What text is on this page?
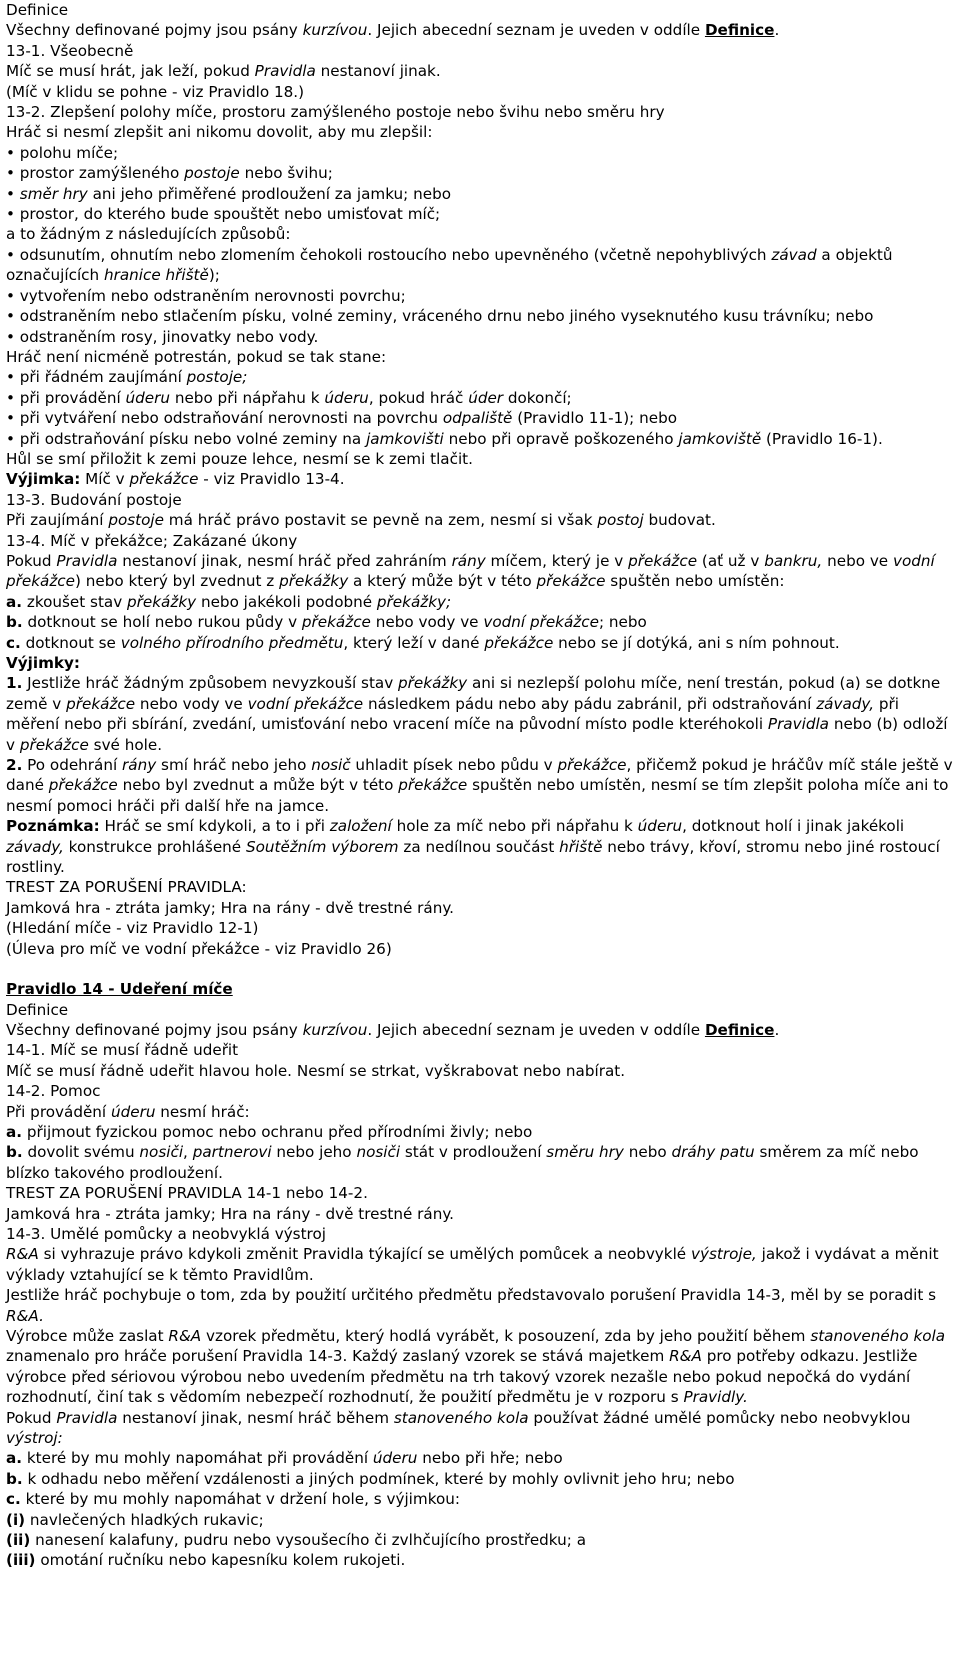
Definice

Všechny definované pojmy jsou psány kurzívou. Jejich abecední seznam je uveden v oddíle Definice.

13-1. Všeobecně

Míč se musí hrát, jak leží, pokud Pravidla nestanoví jinak.

(Míč v klidu se pohne - viz Pravidlo 18.)

13-2. Zlepšení polohy míče, prostoru zamýšleného postoje nebo švihu nebo směru hry

Hráč si nesmí zlepšit ani nikomu dovolit, aby mu zlepšil:

• polohu míče;

• prostor zamýšleného postoje nebo švihu;

• směr hry ani jeho přiměřené prodloužení za jamku; nebo

• prostor, do kterého bude spouštět nebo umisťovat míč;

a to žádným z následujících způsobů:

• odsunutím, ohnutím nebo zlomením čehokoli rostoucího nebo upevněného (včetně nepohyblivých závad a objektů označujících hranice hřiště);

• vytvořením nebo odstraněním nerovnosti povrchu;

• odstraněním nebo stlačením písku, volné zeminy, vráceného drnu nebo jiného vyseknutého kusu trávníku; nebo

• odstraněním rosy, jinovatky nebo vody.

Hráč není nicméně potrestán, pokud se tak stane:

• při řádném zaujímání postoje;

• při provádění úderu nebo při nápřahu k úderu, pokud hráč úder dokončí;

• při vytváření nebo odstraňování nerovnosti na povrchu odpaliště (Pravidlo 11-1); nebo

• při odstraňování písku nebo volné zeminy na jamkovišti nebo při opravě poškozeného jamkoviště (Pravidlo 16-1).

Hůl se smí přiložit k zemi pouze lehce, nesmí se k zemi tlačit.

Výjimka: Míč v překážce - viz Pravidlo 13-4.

13-3. Budování postoje

Při zaujímání postoje má hráč právo postavit se pevně na zem, nesmí si však postoj budovat.

13-4. Míč v překážce; Zakázané úkony

Pokud Pravidla nestanoví jinak, nesmí hráč před zahráním rány míčem, který je v překážce (ať už v bankru, nebo ve vodní překážce) nebo který byl zvednut z překážky a který může být v této překážce spuštěn nebo umístěn:

a. zkoušet stav překážky nebo jakékoli podobné překážky;

b. dotknout se holí nebo rukou půdy v překážce nebo vody ve vodní překážce; nebo

c. dotknout se volného přírodního předmětu, který leží v dané překážce nebo se jí dotýká, ani s ním pohnout.

Výjimky:

1. Jestliže hráč žádným způsobem nevyzkouší stav překážky ani si nezlepší polohu míče, není trestán, pokud (a) se dotkne země v překážce nebo vody ve vodní překážce následkem pádu nebo aby pádu zabránil, při odstraňování závady, při měření nebo při sbírání, zvedání, umisťování nebo vracení míče na původní místo podle kteréhokoli Pravidla nebo (b) odloží v překážce své hole.

2. Po odehrání rány smí hráč nebo jeho nosič uhladit písek nebo půdu v překážce, přičemž pokud je hráčův míč stále ještě v dané překážce nebo byl zvednut a může být v této překážce spuštěn nebo umístěn, nesmí se tím zlepšit poloha míče ani to nesmí pomoci hráči při další hře na jamce.

Poznámka: Hráč se smí kdykoli, a to i při založení hole za míč nebo při nápřahu k úderu, dotknout holí i jinak jakékoli závady, konstrukce prohlášené Soutěžním výborem za nedílnou součást hřiště nebo trávy, křoví, stromu nebo jiné rostoucí rostliny.

TREST ZA PORUŠENÍ PRAVIDLA:

Jamková hra - ztráta jamky; Hra na rány - dvě trestné rány.

(Hledání míče - viz Pravidlo 12-1)

(Úleva pro míč ve vodní překážce - viz Pravidlo 26)

Pravidlo 14 - Udeření míče

Definice

Všechny definované pojmy jsou psány kurzívou. Jejich abecední seznam je uveden v oddíle Definice.

14-1. Míč se musí řádně udeřit

Míč se musí řádně udeřit hlavou hole. Nesmí se strkat, vyškrabovat nebo nabírat.

14-2. Pomoc

Při provádění úderu nesmí hráč:

a. přijmout fyzickou pomoc nebo ochranu před přírodními živly; nebo

b. dovolit svému nosiči, partnerovi nebo jeho nosiči stát v prodloužení směru hry nebo dráhy patu směrem za míč nebo blízko takového prodloužení.

TREST ZA PORUŠENÍ PRAVIDLA 14-1 nebo 14-2.

Jamková hra - ztráta jamky; Hra na rány - dvě trestné rány.

14-3. Umělé pomůcky a neobvyklá výstroj

R&A si vyhrazuje právo kdykoli změnit Pravidla týkající se umělých pomůcek a neobvyklé výstroje, jakož i vydávat a měnit výklady vztahující se k těmto Pravidlům.

Jestliže hráč pochybuje o tom, zda by použití určitého předmětu představovalo porušení Pravidla 14-3, měl by se poradit s R&A.

Výrobce může zaslat R&A vzorek předmětu, který hodlá vyrábět, k posouzení, zda by jeho použití během stanoveného kola znamenalo pro hráče porušení Pravidla 14-3. Každý zaslaný vzorek se stává majetkem R&A pro potřeby odkazu. Jestliže výrobce před sériovou výrobou nebo uvedením předmětu na trh takový vzorek nezašle nebo pokud nepočká do vydání rozhodnutí, činí tak s vědomím nebezpečí rozhodnutí, že použití předmětu je v rozporu s Pravidly.

Pokud Pravidla nestanoví jinak, nesmí hráč během stanoveného kola používat žádné umělé pomůcky nebo neobvyklou výstroj:

a. které by mu mohly napomáhat při provádění úderu nebo při hře; nebo

b. k odhadu nebo měření vzdálenosti a jiných podmínek, které by mohly ovlivnit jeho hru; nebo

c. které by mu mohly napomáhat v držení hole, s výjimkou:

(i) navlečených hladkých rukavic;

(ii) nanesení kalafuny, pudru nebo vysoušecího či zvlhčujícího prostředku; a

(iii) omotání ručníku nebo kapesníku kolem rukojeti.
